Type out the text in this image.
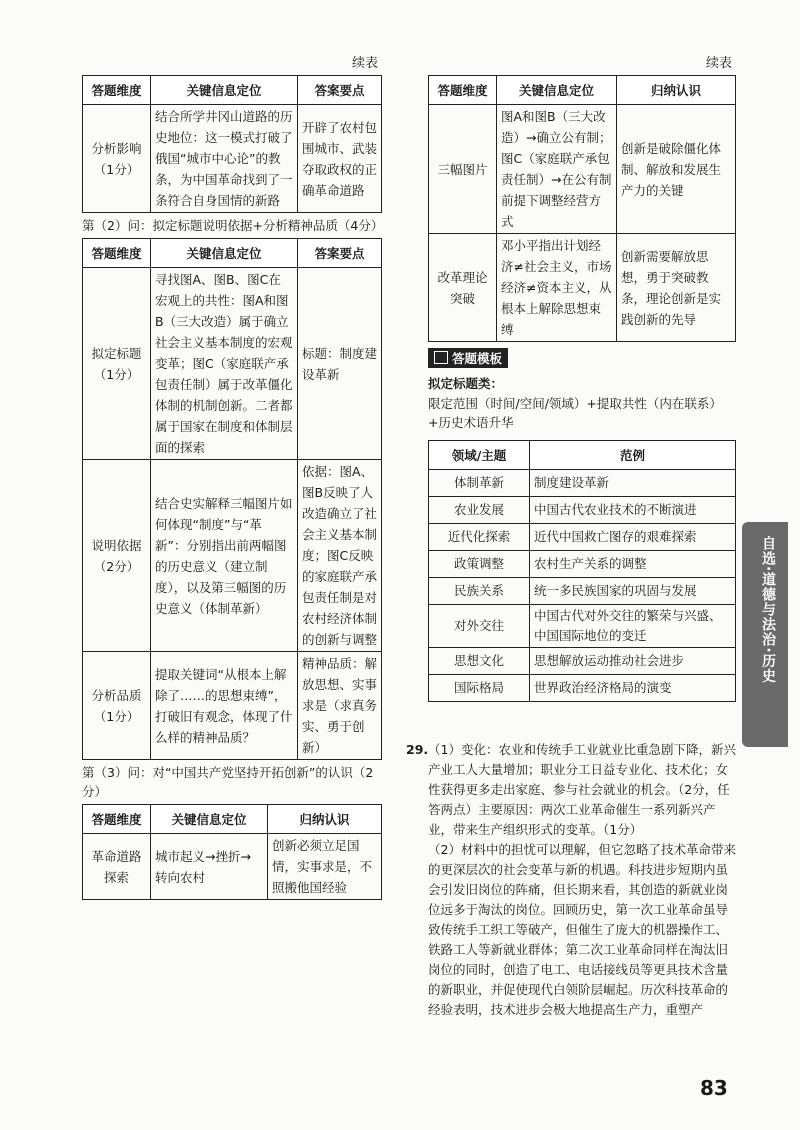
续表
答题维度	关键信息定位	答案要点
分析影响
（1分）	结合所学井冈山道路的历史地位：这一模式打破了俄国“城市中心论”的教条，为中国革命找到了一条符合自身国情的新路	开辟了农村包围城市、武装夺取政权的正确革命道路
第（2）问：拟定标题说明依据+分析精神品质（4分）
答题维度	关键信息定位	答案要点
拟定标题
（1分）	寻找图A、图B、图C在宏观上的共性：图A和图B（三大改造）属于确立社会主义基本制度的宏观变革；图C（家庭联产承包责任制）属于改革僵化体制的机制创新。二者都属于国家在制度和体制层面的探索	标题：制度建设革新
说明依据
（2分）	结合史实解释三幅图片如何体现“制度”与“革新”：分别指出前两幅图的历史意义（建立制度），以及第三幅图的历史意义（体制革新）	依据：图A、图B反映了人改造确立了社会主义基本制度；图C反映的家庭联产承包责任制是对农村经济体制的创新与调整
分析品质
（1分）	提取关键词“从根本上解除了……的思想束缚”，打破旧有观念，体现了什么样的精神品质？	精神品质：解放思想、实事求是（求真务实、勇于创新）
第（3）问：对“中国共产党坚持开拓创新”的认识（2分）
答题维度	关键信息定位	归纳认识
革命道路探索	城市起义→挫折→转向农村	创新必须立足国情，实事求是，不照搬他国经验
续表
答题维度	关键信息定位	归纳认识
三幅图片	图A和图B（三大改造）→确立公有制；图C（家庭联产承包责任制）→在公有制前提下调整经营方式	创新是破除僵化体制、解放和发展生产力的关键
改革理论突破	邓小平指出计划经济≠社会主义，市场经济≠资本主义，从根本上解除思想束缚	创新需要解放思想，勇于突破教条，理论创新是实践创新的先导
答题模板
拟定标题类：
限定范围（时间/空间/领域）+提取共性（内在联系）+历史术语升华
领域/主题	范例
体制革新	制度建设革新
农业发展	中国古代农业技术的不断演进
近代化探索	近代中国救亡图存的艰难探索
政策调整	农村生产关系的调整
民族关系	统一多民族国家的巩固与发展
对外交往	中国古代对外交往的繁荣与兴盛、中国国际地位的变迁
思想文化	思想解放运动推动社会进步
国际格局	世界政治经济格局的演变
29. （1）变化：农业和传统手工业就业比重急剧下降，新兴产业工人大量增加；职业分工日益专业化、技术化；女性获得更多走出家庭、参与社会就业的机会。（2分，任答两点）主要原因：两次工业革命催生一系列新兴产业，带来生产组织形式的变革。（1分）

（2）材料中的担忧可以理解，但它忽略了技术革命带来的更深层次的社会变革与新的机遇。科技进步短期内虽会引发旧岗位的阵痛，但长期来看，其创造的新就业岗位远多于淘汰的岗位。回顾历史，第一次工业革命虽导致传统手工织工等破产，但催生了庞大的机器操作工、铁路工人等新就业群体；第二次工业革命同样在淘汰旧岗位的同时，创造了电工、电话接线员等更具技术含量的新职业，并促使现代白领阶层崛起。历次科技革命的经验表明，技术进步会极大地提高生产力，重塑产

自选·道德与法治·历史
83
